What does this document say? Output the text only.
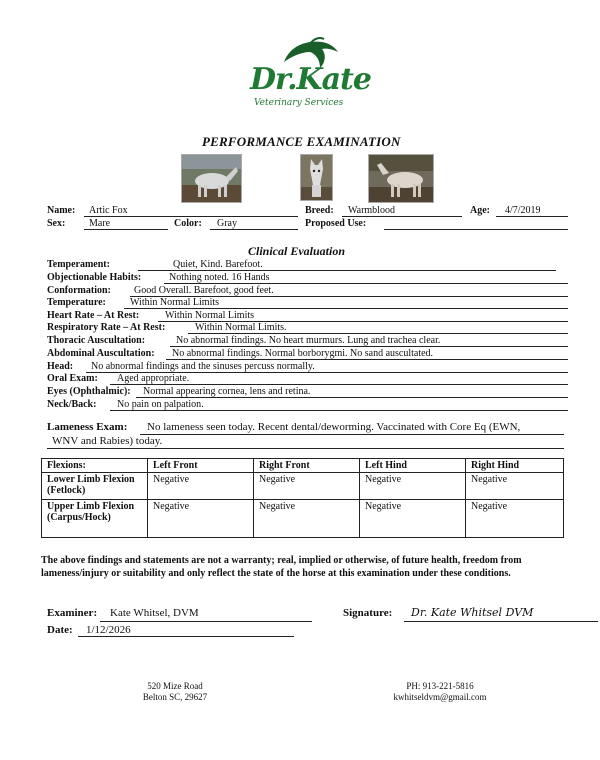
Dr.Kate
Veterinary Services
PERFORMANCE EXAMINATION
Name: Artic Fox	Breed: Warmblood	Age: 4/7/2019
Sex: Mare	Color: Gray	Proposed Use:
Clinical Evaluation
Temperament:	Quiet, Kind. Barefoot.
Objectionable Habits:	Nothing noted. 16 Hands
Conformation: Good Overall. Barefoot, good feet.
Temperature: Within Normal Limits
Heart Rate – At Rest:	Within Normal Limits
Respiratory Rate – At Rest:	Within Normal Limits.
Thoracic Auscultation:	No abnormal findings. No heart murmurs. Lung and trachea clear.
Abdominal Auscultation: No abnormal findings. Normal borborygmi. No sand auscultated.
Head: No abnormal findings and the sinuses percuss normally.
Oral Exam: Aged appropriate.
Eyes (Ophthalmic): Normal appearing cornea, lens and retina.
Neck/Back: No pain on palpation.
Lameness Exam: No lameness seen today. Recent dental/deworming. Vaccinated with Core Eq (EWN,
WNV and Rabies) today.
Flexions:	Left Front	Right Front	Left Hind	Right Hind
Lower Limb Flexion (Fetlock)	Negative	Negative	Negative	Negative
Upper Limb Flexion (Carpus/Hock)	Negative	Negative	Negative	Negative
The above findings and statements are not a warranty; real, implied or otherwise, of future health, freedom from lameness/injury or suitability and only reflect the state of the horse at this examination under these conditions.
Examiner: Kate Whitsel, DVM	Signature: Dr. Kate Whitsel DVM
Date: 1/12/2026
520 Mize Road
Belton SC, 29627
PH: 913-221-5816
kwhitseldvm@gmail.com
